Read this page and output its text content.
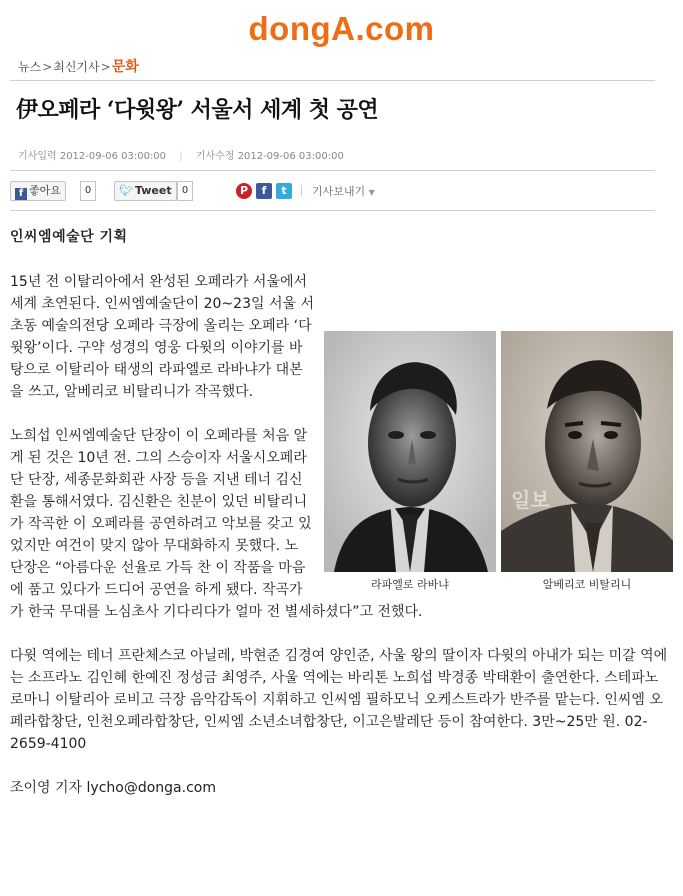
dongA.com
뉴스>최신기사>문화
伊오페라 ‘다윗왕’ 서울서 세계 첫 공연
기사입력 2012-09-06 03:00:00 | 기사수정 2012-09-06 03:00:00
f 좋아요	0	🐦︎ Tweet	0	P	f	t	기사보내기 ▼
인씨엠예술단 기획
일보
라파엘로 라바냐	알베리코 비탈리니

15년 전 이탈리아에서 완성된 오페라가 서울에서 세계 초연된다. 인씨엠예술단이 20~23일 서울 서초동 예술의전당 오페라 극장에 올리는 오페라 ‘다윗왕’이다. 구약 성경의 영웅 다윗의 이야기를 바탕으로 이탈리아 태생의 라파엘로 라바냐가 대본을 쓰고, 알베리코 비탈리니가 작곡했다.

노희섭 인씨엠예술단 단장이 이 오페라를 처음 알게 된 것은 10년 전. 그의 스승이자 서울시오페라단 단장, 세종문화회관 사장 등을 지낸 테너 김신환을 통해서였다. 김신환은 친분이 있던 비탈리니가 작곡한 이 오페라를 공연하려고 악보를 갖고 있었지만 여건이 맞지 않아 무대화하지 못했다. 노 단장은 “아름다운 선율로 가득 찬 이 작품을 마음에 품고 있다가 드디어 공연을 하게 됐다. 작곡가가 한국 무대를 노심초사 기다리다가 얼마 전 별세하셨다”고 전했다.

다윗 역에는 테너 프란체스코 아닐레, 박현준 김경여 양인준, 사울 왕의 딸이자 다윗의 아내가 되는 미갈 역에는 소프라노 김인혜 한예진 정성금 최영주, 사울 역에는 바리톤 노희섭 박경종 박태환이 출연한다. 스테파노 로마니 이탈리아 로비고 극장 음악감독이 지휘하고 인씨엠 필하모닉 오케스트라가 반주를 맡는다. 인씨엠 오페라합창단, 인천오페라합창단, 인씨엠 소년소녀합창단, 이고은발레단 등이 참여한다. 3만~25만 원. 02-2659-4100

조이영 기자 lycho@donga.com
